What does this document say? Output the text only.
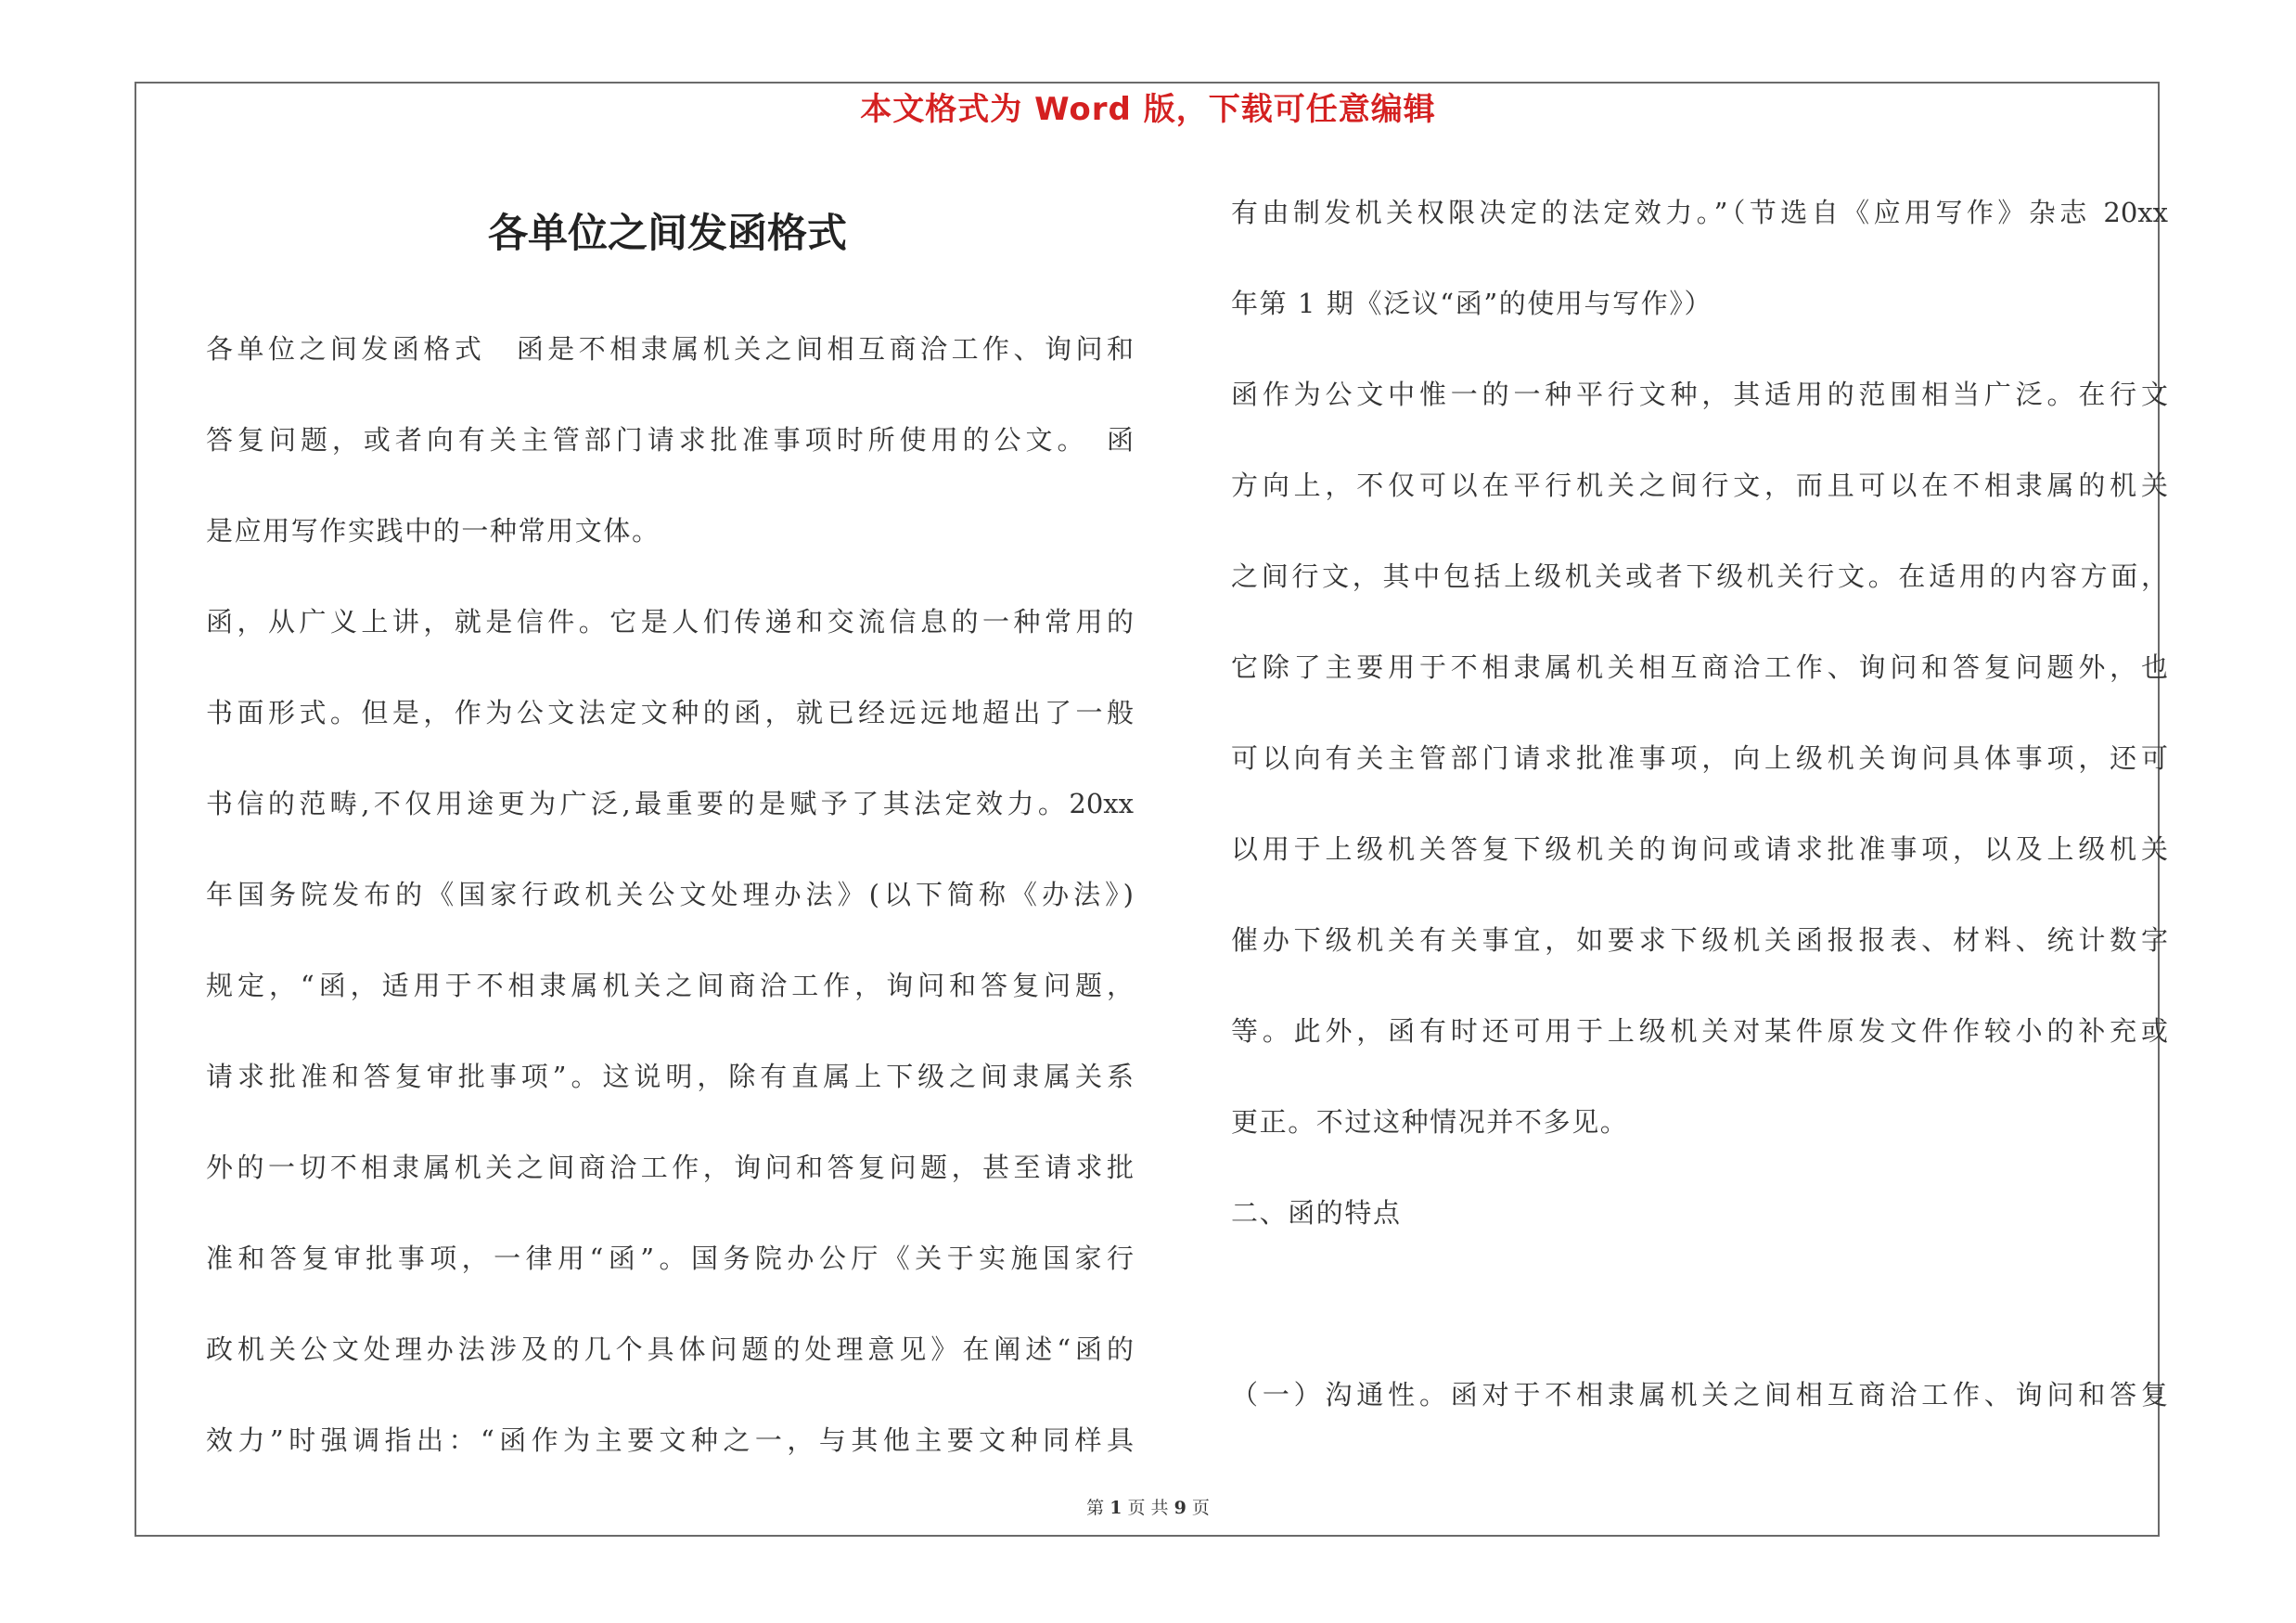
本文格式为 Word 版，下载可任意编辑
各单位之间发函格式
各单位之间发函格式　函是不相隶属机关之间相互商洽工作、询问和
答复问题，或者向有关主管部门请求批准事项时所使用的公文。　函
是应用写作实践中的一种常用文体。
函，从广义上讲，就是信件。它是人们传递和交流信息的一种常用的
书面形式。但是，作为公文法定文种的函，就已经远远地超出了一般
书信的范畴,不仅用途更为广泛,最重要的是赋予了其法定效力。20xx
年国务院发布的《国家行政机关公文处理办法》(以下简称《办法》)
规定，“函，适用于不相隶属机关之间商洽工作，询问和答复问题，
请求批准和答复审批事项”。这说明，除有直属上下级之间隶属关系
外的一切不相隶属机关之间商洽工作，询问和答复问题，甚至请求批
准和答复审批事项，一律用“函”。国务院办公厅《关于实施国家行
政机关公文处理办法涉及的几个具体问题的处理意见》在阐述“函的
效力”时强调指出：“函作为主要文种之一，与其他主要文种同样具
有由制发机关权限决定的法定效力。”（节选自《应用写作》杂志 20xx
年第 1 期《泛议“函”的使用与写作》）
函作为公文中惟一的一种平行文种，其适用的范围相当广泛。在行文
方向上，不仅可以在平行机关之间行文，而且可以在不相隶属的机关
之间行文，其中包括上级机关或者下级机关行文。在适用的内容方面，
它除了主要用于不相隶属机关相互商洽工作、询问和答复问题外，也
可以向有关主管部门请求批准事项，向上级机关询问具体事项，还可
以用于上级机关答复下级机关的询问或请求批准事项，以及上级机关
催办下级机关有关事宜，如要求下级机关函报报表、材料、统计数字
等。此外，函有时还可用于上级机关对某件原发文件作较小的补充或
更正。不过这种情况并不多见。
二、函的特点
（一）沟通性。函对于不相隶属机关之间相互商洽工作、询问和答复
第 1 页 共 9 页
